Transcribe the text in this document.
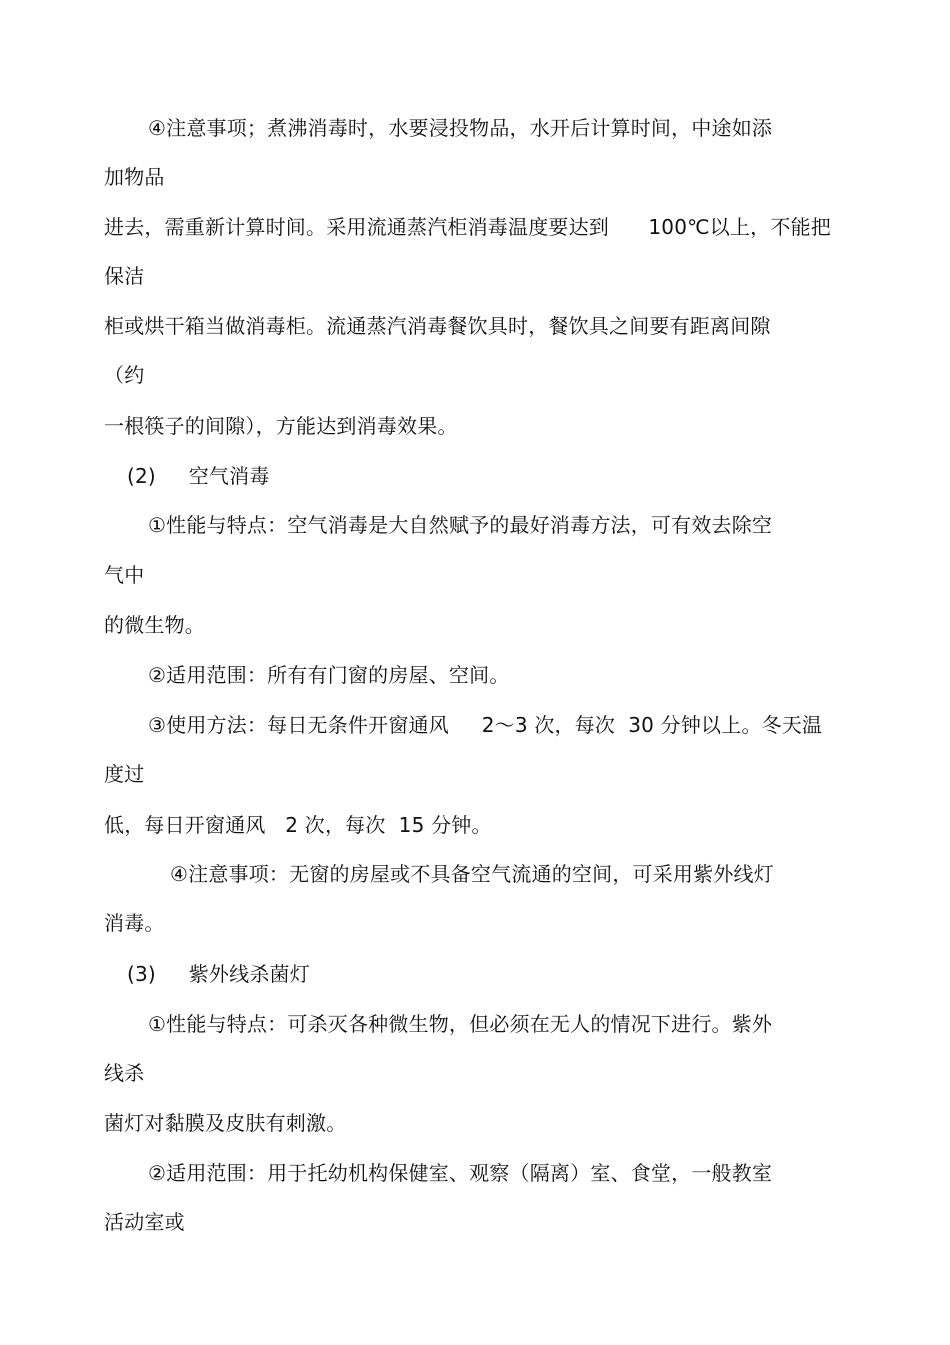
④注意事项；煮沸消毒时，水要浸投物品，水开后计算时间，中途如添
加物品
进去，需重新计算时间。采用流通蒸汽柜消毒温度要达到      100℃以上，不能把
保洁
柜或烘干箱当做消毒柜。流通蒸汽消毒餐饮具时，餐饮具之间要有距离间隙
（约
一根筷子的间隙），方能达到消毒效果。
(2)     空气消毒
①性能与特点：空气消毒是大自然赋予的最好消毒方法，可有效去除空
气中
的微生物。
②适用范围：所有有门窗的房屋、空间。
③使用方法：每日无条件开窗通风     2～3 次，每次  30 分钟以上。冬天温
度过
低，每日开窗通风   2 次，每次  15 分钟。
④注意事项：无窗的房屋或不具备空气流通的空间，可采用紫外线灯
消毒。
(3)     紫外线杀菌灯
①性能与特点：可杀灭各种微生物，但必须在无人的情况下进行。紫外
线杀
菌灯对黏膜及皮肤有刺激。
②适用范围：用于托幼机构保健室、观察（隔离）室、食堂，一般教室
活动室或
